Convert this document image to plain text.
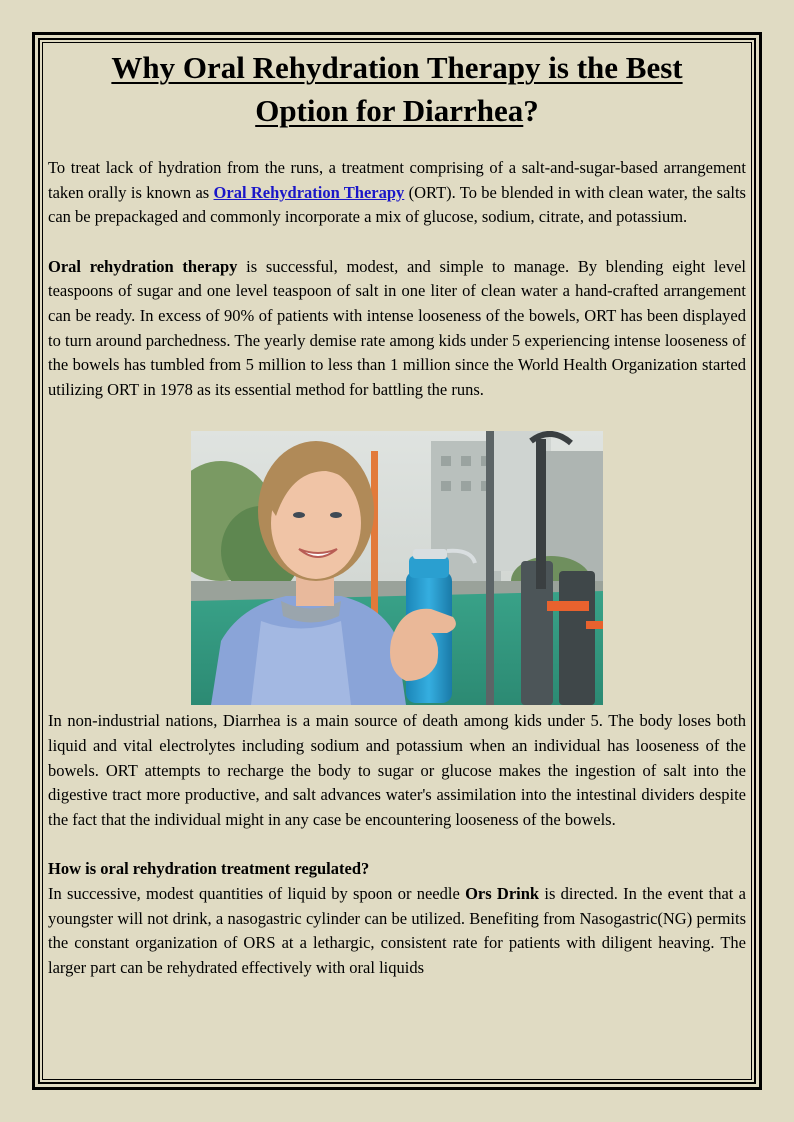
Why Oral Rehydration Therapy is the Best
Option for Diarrhea?

To treat lack of hydration from the runs, a treatment comprising of a salt-and-sugar-based arrangement taken orally is known as Oral Rehydration Therapy (ORT). To be blended in with clean water, the salts can be prepackaged and commonly incorporate a mix of glucose, sodium, citrate, and potassium.

Oral rehydration therapy is successful, modest, and simple to manage. By blending eight level teaspoons of sugar and one level teaspoon of salt in one liter of clean water a hand-crafted arrangement can be ready. In excess of 90% of patients with intense looseness of the bowels, ORT has been displayed to turn around parchedness. The yearly demise rate among kids under 5 experiencing intense looseness of the bowels has tumbled from 5 million to less than 1 million since the World Health Organization started utilizing ORT in 1978 as its essential method for battling the runs.

In non-industrial nations, Diarrhea is a main source of death among kids under 5. The body loses both liquid and vital electrolytes including sodium and potassium when an individual has looseness of the bowels. ORT attempts to recharge the body to sugar or glucose makes the ingestion of salt into the digestive tract more productive, and salt advances water's assimilation into the intestinal dividers despite the fact that the individual might in any case be encountering looseness of the bowels.

How is oral rehydration treatment regulated?

In successive, modest quantities of liquid by spoon or needle Ors Drink is directed. In the event that a youngster will not drink, a nasogastric cylinder can be utilized. Benefiting from Nasogastric(NG) permits the constant organization of ORS at a lethargic, consistent rate for patients with diligent heaving. The larger part can be rehydrated effectively with oral liquids
